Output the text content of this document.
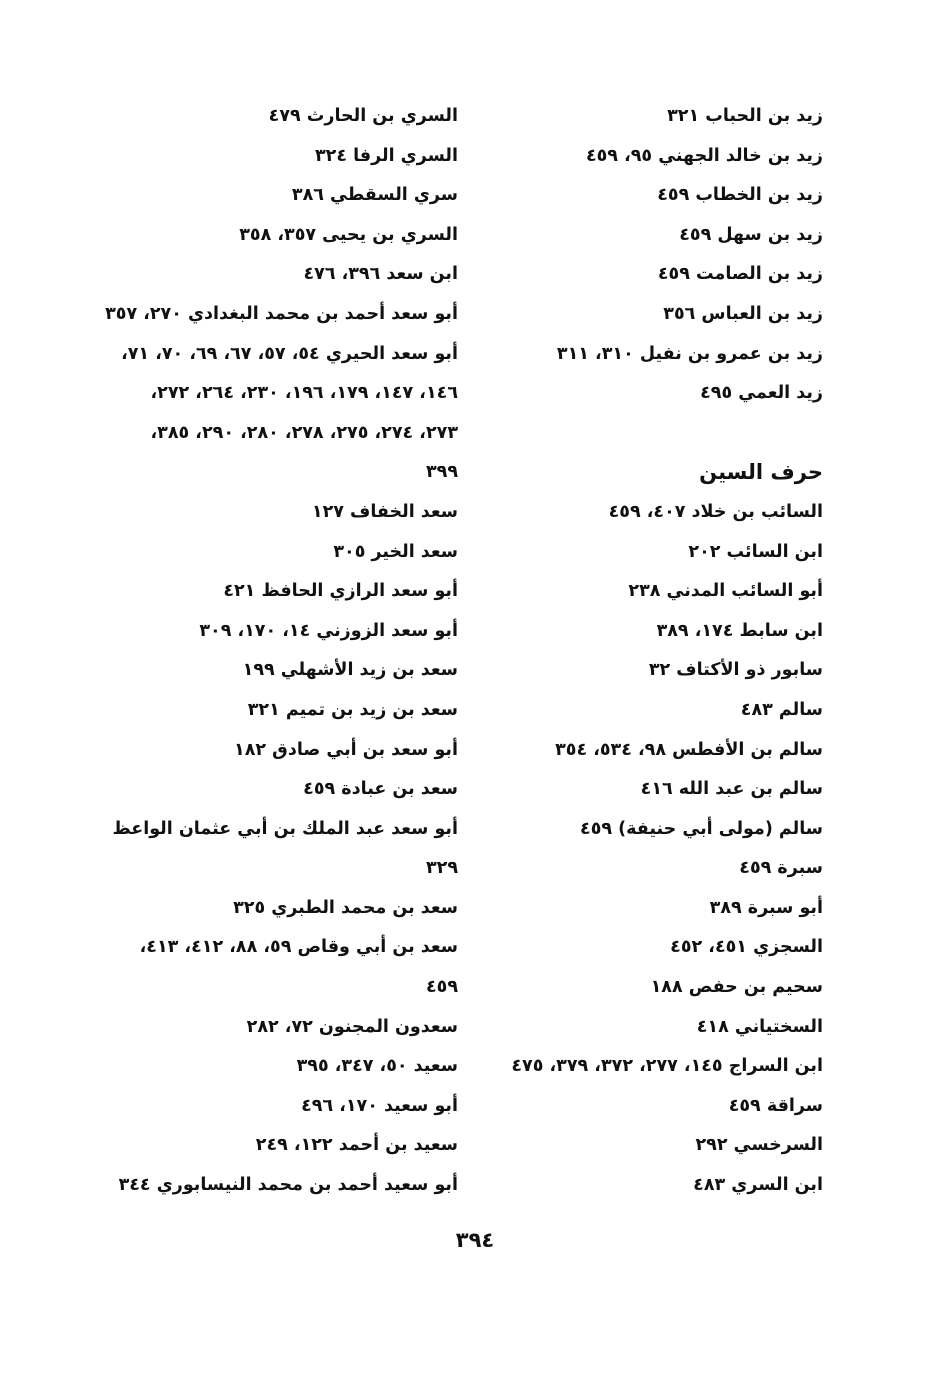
زيد بن الحباب ٣٢١
زيد بن خالد الجهني ٩٥، ٤٥٩
زيد بن الخطاب ٤٥٩
زيد بن سهل ٤٥٩
زيد بن الصامت ٤٥٩
زيد بن العباس ٣٥٦
زيد بن عمرو بن نفيل ٣١٠، ٣١١
زيد العمي ٤٩٥
حرف السين
السائب بن خلاد ٤٠٧، ٤٥٩
ابن السائب ٢٠٢
أبو السائب المدني ٢٣٨
ابن سابط ١٧٤، ٣٨٩
سابور ذو الأكتاف ٣٢
سالم ٤٨٣
سالم بن الأفطس ٩٨، ٥٣٤، ٣٥٤
سالم بن عبد الله ٤١٦
سالم (مولى أبي حنيفة) ٤٥٩
سبرة ٤٥٩
أبو سبرة ٣٨٩
السجزي ٤٥١، ٤٥٢
سحيم بن حفص ١٨٨
السختياني ٤١٨
ابن السراج ١٤٥، ٢٧٧، ٣٧٢، ٣٧٩، ٤٧٥
سراقة ٤٥٩
السرخسي ٢٩٢
ابن السري ٤٨٣
السري بن الحارث ٤٧٩
السري الرفا ٣٢٤
سري السقطي ٣٨٦
السري بن يحيى ٣٥٧، ٣٥٨
ابن سعد ٣٩٦، ٤٧٦
أبو سعد أحمد بن محمد البغدادي ٢٧٠، ٣٥٧
أبو سعد الحيري ٥٤، ٥٧، ٦٧، ٦٩، ٧٠، ٧١،
١٤٦، ١٤٧، ١٧٩، ١٩٦، ٢٣٠، ٢٦٤، ٢٧٢،
٢٧٣، ٢٧٤، ٢٧٥، ٢٧٨، ٢٨٠، ٢٩٠، ٣٨٥،
٣٩٩
سعد الخفاف ١٢٧
سعد الخير ٣٠٥
أبو سعد الرازي الحافظ ٤٢١
أبو سعد الزوزني ١٤، ١٧٠، ٣٠٩
سعد بن زيد الأشهلي ١٩٩
سعد بن زيد بن تميم ٣٢١
أبو سعد بن أبي صادق ١٨٢
سعد بن عبادة ٤٥٩
أبو سعد عبد الملك بن أبي عثمان الواعظ
٣٢٩
سعد بن محمد الطبري ٣٢٥
سعد بن أبي وقاص ٥٩، ٨٨، ٤١٢، ٤١٣،
٤٥٩
سعدون المجنون ٧٢، ٢٨٢
سعيد ٥٠، ٣٤٧، ٣٩٥
أبو سعيد ١٧٠، ٤٩٦
سعيد بن أحمد ١٢٢، ٢٤٩
أبو سعيد أحمد بن محمد النيسابوري ٣٤٤
٣٩٤
